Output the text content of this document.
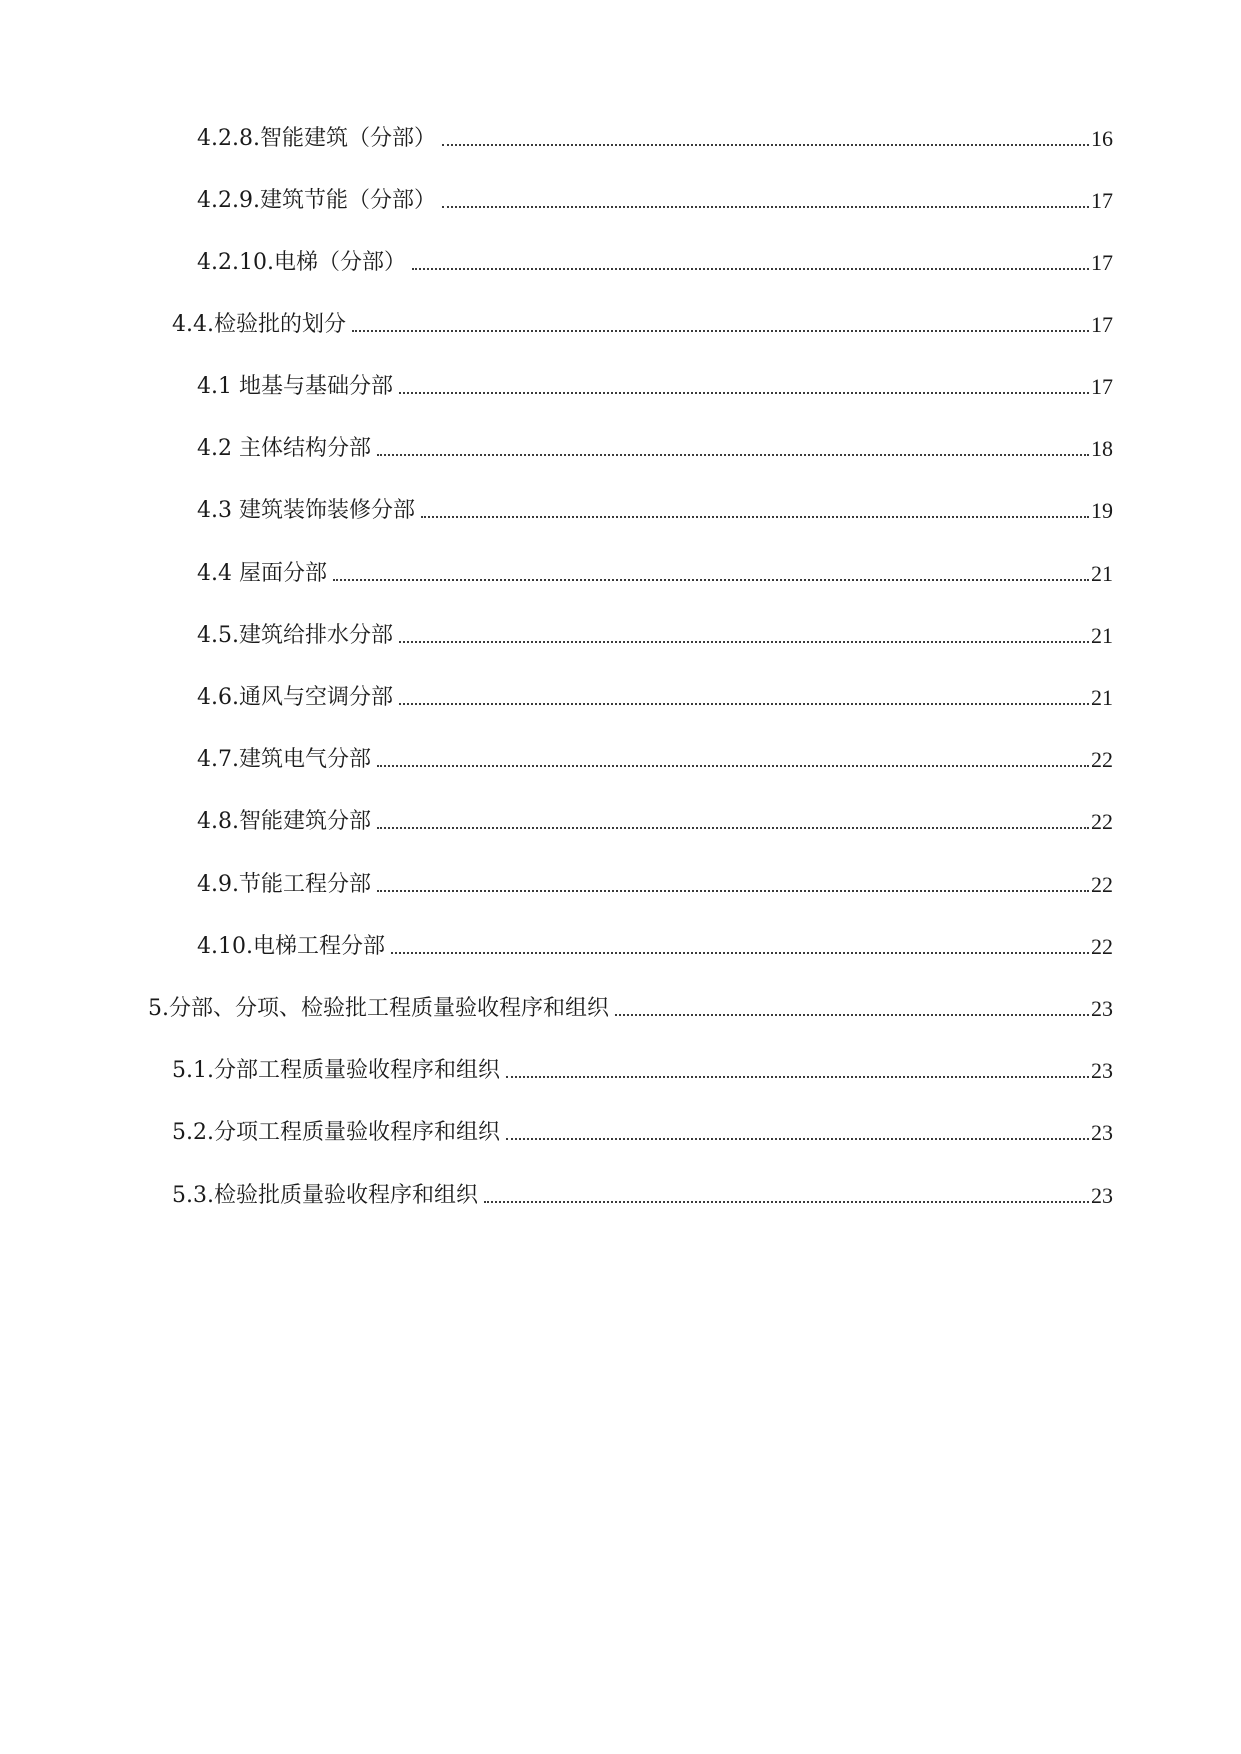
4.2.8.智能建筑（分部）	16
4.2.9.建筑节能（分部）	17
4.2.10.电梯（分部）	17
4.4.检验批的划分	17
4.1 地基与基础分部	17
4.2 主体结构分部	18
4.3 建筑装饰装修分部	19
4.4 屋面分部	21
4.5.建筑给排水分部	21
4.6.通风与空调分部	21
4.7.建筑电气分部	22
4.8.智能建筑分部	22
4.9.节能工程分部	22
4.10.电梯工程分部	22
5.分部、分项、检验批工程质量验收程序和组织	23
5.1.分部工程质量验收程序和组织	23
5.2.分项工程质量验收程序和组织	23
5.3.检验批质量验收程序和组织	23
